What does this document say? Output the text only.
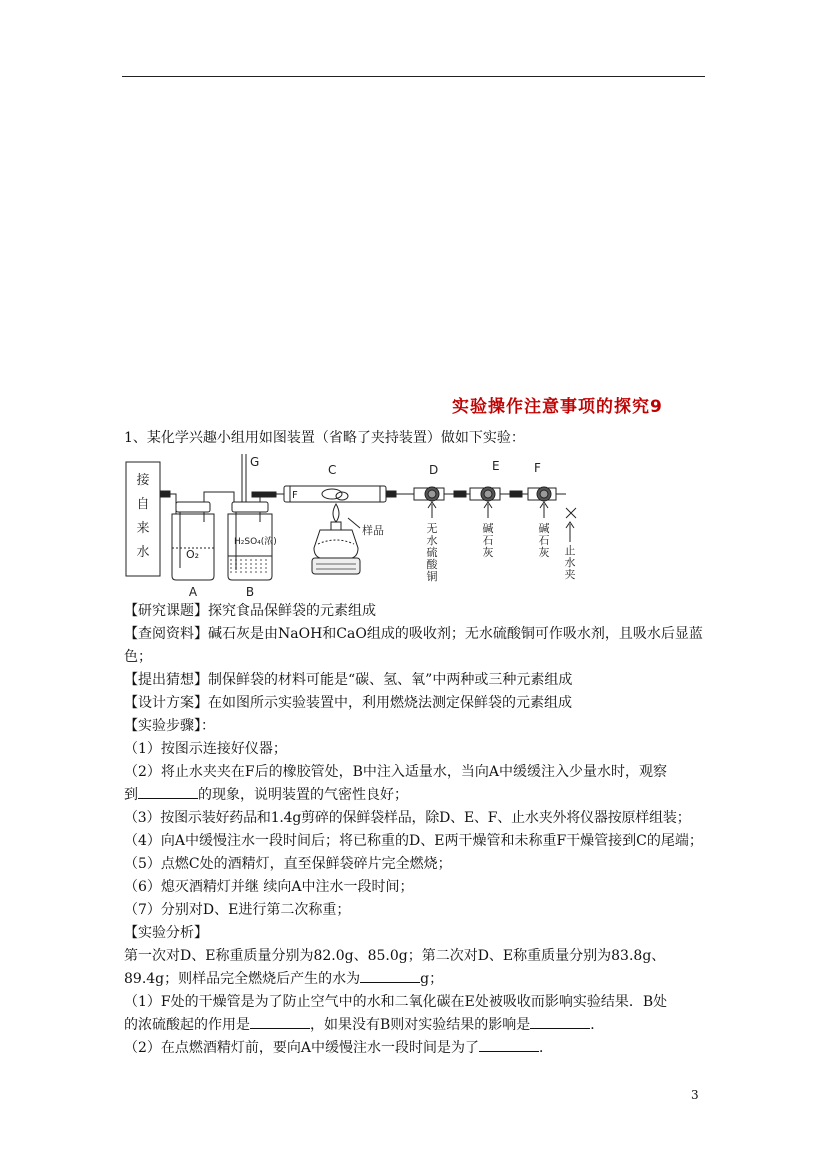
实验操作注意事项的探究9
1、某化学兴趣小组用如图装置（省略了夹持装置）做如下实验：
接
自
来
水	O₂
H₂SO₄(浓)
G
F
C
样品
D	E	F
无
水
硫
酸
铜
碱
石
灰
碱
石
灰 止
水
夹
A	B

【研究课题】探究食品保鲜袋的元素组成

【查阅资料】碱石灰是由NaOH和CaO组成的吸收剂；无水硫酸铜可作吸水剂，且吸水后显蓝色；

【提出猜想】制保鲜袋的材料可能是“碳、氢、氧”中两种或三种元素组成

【设计方案】在如图所示实验装置中，利用燃烧法测定保鲜袋的元素组成

【实验步骤】：

（1）按图示连接好仪器；

（2）将止水夹夹在F后的橡胶管处，B中注入适量水，当向A中缓缓注入少量水时，观察

到	的现象，说明装置的气密性良好；

（3）按图示装好药品和1.4g剪碎的保鲜袋样品，除D、E、F、止水夹外将仪器按原样组装；

（4）向A中缓慢注水一段时间后；将已称重的D、E两干燥管和未称重F干燥管接到C的尾端；

（5）点燃C处的酒精灯，直至保鲜袋碎片完全燃烧；

（6）熄灭酒精灯并继 续向A中注水一段时间；

（7）分别对D、E进行第二次称重；

【实验分析】

第一次对D、E称重质量分别为82.0g、85.0g；第二次对D、E称重质量分别为83.8g、

89.4g；则样品完全燃烧后产生的水为	g；

（1）F处的干燥管是为了防止空气中的水和二氧化碳在E处被吸收而影响实验结果．B处

的浓硫酸起的作用是	，如果没有B则对实验结果的影响是	．

（2）在点燃酒精灯前，要向A中缓慢注水一段时间是为了	．

3
